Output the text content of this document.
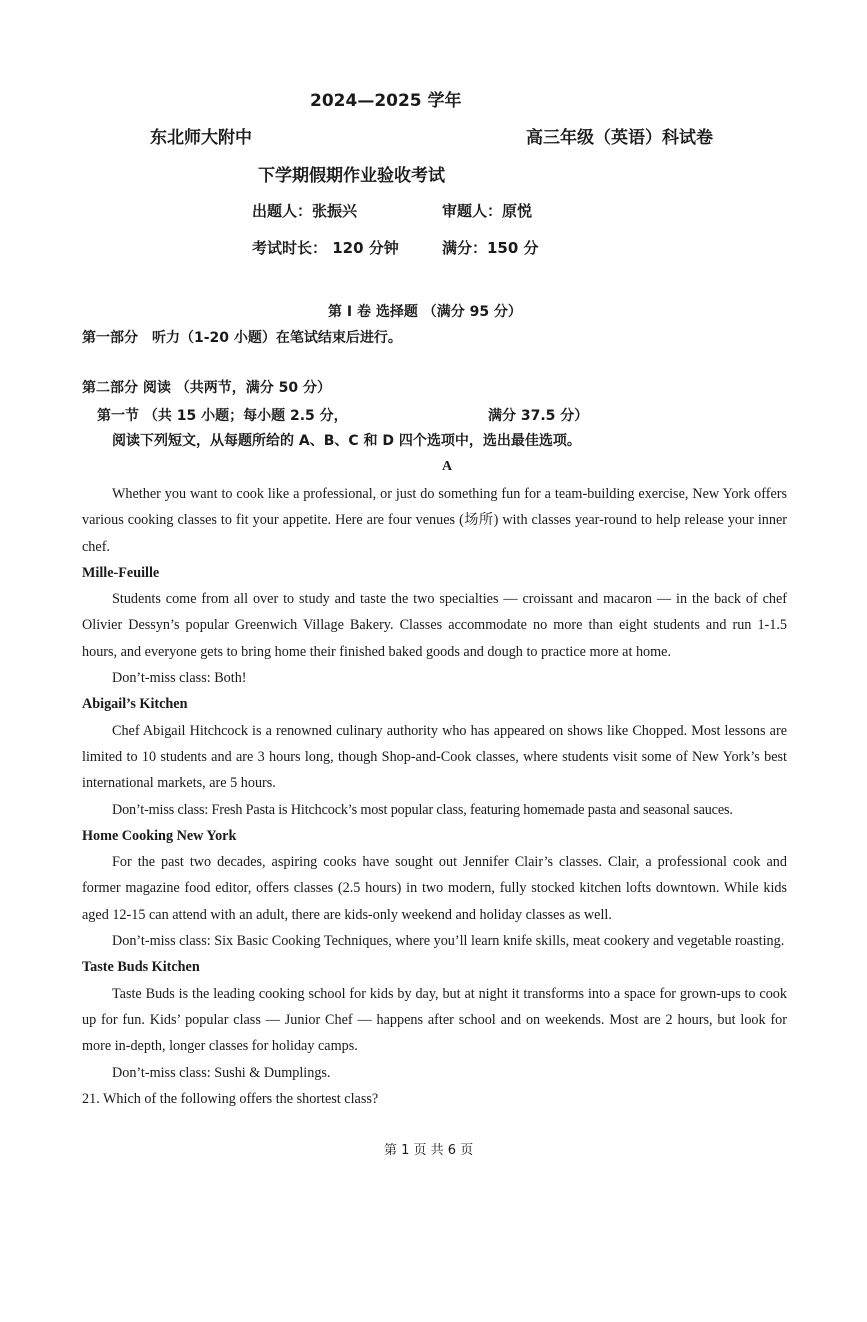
2024—2025 学年
东北师大附中	高三年级（英语）科试卷
下学期假期作业验收考试
出题人：张振兴	审题人：原悦
考试时长： 120 分钟	满分：150 分
第 I 卷 选择题 （满分 95 分）
第一部分　听力（1-20 小题）在笔试结束后进行。
第二部分 阅读 （共两节，满分 50 分）
第一节 （共 15 小题；每小题 2.5 分，	满分 37.5 分）
阅读下列短文，从每题所给的 A、B、C 和 D 四个选项中，选出最佳选项。
A

Whether you want to cook like a professional, or just do something fun for a team-building exercise, New York offers various cooking classes to fit your appetite. Here are four venues (场所) with classes year-round to help release your inner chef.

Mille-Feuille

Students come from all over to study and taste the two specialties — croissant and macaron — in the back of chef Olivier Dessyn’s popular Greenwich Village Bakery. Classes accommodate no more than eight students and run 1-1.5 hours, and everyone gets to bring home their finished baked goods and dough to practice more at home.

Don’t-miss class: Both!

Abigail’s Kitchen

Chef Abigail Hitchcock is a renowned culinary authority who has appeared on shows like Chopped. Most lessons are limited to 10 students and are 3 hours long, though Shop-and-Cook classes, where students visit some of New York’s best international markets, are 5 hours.

Don’t-miss class: Fresh Pasta is Hitchcock’s most popular class, featuring homemade pasta and seasonal sauces.

Home Cooking New York

For the past two decades, aspiring cooks have sought out Jennifer Clair’s classes. Clair, a professional cook and former magazine food editor, offers classes (2.5 hours) in two modern, fully stocked kitchen lofts downtown. While kids aged 12-15 can attend with an adult, there are kids-only weekend and holiday classes as well.

Don’t-miss class: Six Basic Cooking Techniques, where you’ll learn knife skills, meat cookery and vegetable roasting.

Taste Buds Kitchen

Taste Buds is the leading cooking school for kids by day, but at night it transforms into a space for grown-ups to cook up for fun. Kids’ popular class — Junior Chef — happens after school and on weekends. Most are 2 hours, but look for more in-depth, longer classes for holiday camps.

Don’t-miss class: Sushi & Dumplings.

21. Which of the following offers the shortest class?

第 1 页 共 6 页
